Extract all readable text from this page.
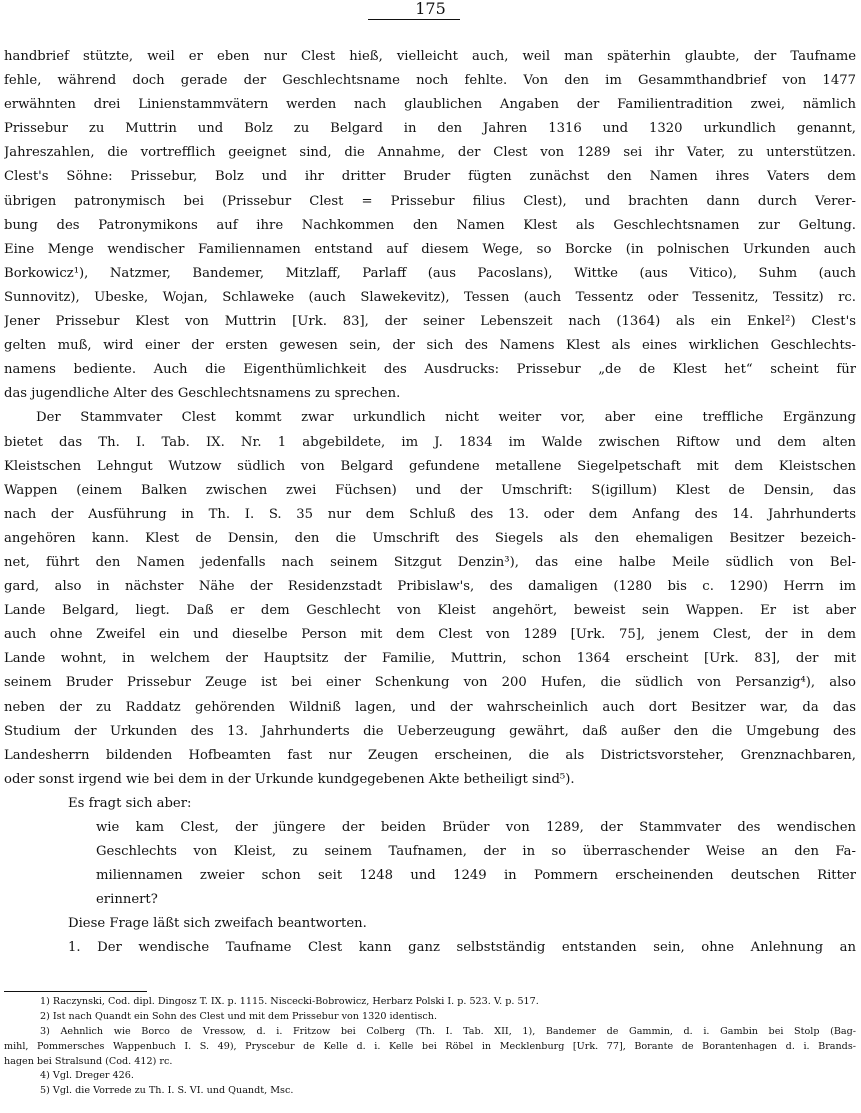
175
handbrief stützte, weil er eben nur Clest hieß, vielleicht auch, weil man späterhin glaubte, der Taufname
fehle, während doch gerade der Geschlechtsname noch fehlte. Von den im Gesammthandbrief von 1477
erwähnten drei Linienstammvätern werden nach glaublichen Angaben der Familientradition zwei, nämlich
Prissebur zu Muttrin und Bolz zu Belgard in den Jahren 1316 und 1320 urkundlich genannt,
Jahreszahlen, die vortrefflich geeignet sind, die Annahme, der Clest von 1289 sei ihr Vater, zu unterstützen.
Clest's Söhne: Prissebur, Bolz und ihr dritter Bruder fügten zunächst den Namen ihres Vaters dem
übrigen patronymisch bei (Prissebur Clest = Prissebur filius Clest), und brachten dann durch Verer-
bung des Patronymikons auf ihre Nachkommen den Namen Klest als Geschlechtsnamen zur Geltung.
Eine Menge wendischer Familiennamen entstand auf diesem Wege, so Borcke (in polnischen Urkunden auch
Borkowicz¹), Natzmer, Bandemer, Mitzlaff, Parlaff (aus Pacoslans), Wittke (aus Vitico), Suhm (auch
Sunnovitz), Ubeske, Wojan, Schlaweke (auch Slawekevitz), Tessen (auch Tessentz oder Tessenitz, Tessitz) rc.
Jener Prissebur Klest von Muttrin [Urk. 83], der seiner Lebenszeit nach (1364) als ein Enkel²) Clest's
gelten muß, wird einer der ersten gewesen sein, der sich des Namens Klest als eines wirklichen Geschlechts-
namens bediente. Auch die Eigenthümlichkeit des Ausdrucks: Prissebur „de de Klest het“ scheint für
das jugendliche Alter des Geschlechtsnamens zu sprechen.
Der Stammvater Clest kommt zwar urkundlich nicht weiter vor, aber eine treffliche Ergänzung
bietet das Th. I. Tab. IX. Nr. 1 abgebildete, im J. 1834 im Walde zwischen Riftow und dem alten
Kleistschen Lehngut Wutzow südlich von Belgard gefundene metallene Siegelpetschaft mit dem Kleistschen
Wappen (einem Balken zwischen zwei Füchsen) und der Umschrift: S(igillum) Klest de Densin, das
nach der Ausführung in Th. I. S. 35 nur dem Schluß des 13. oder dem Anfang des 14. Jahrhunderts
angehören kann. Klest de Densin, den die Umschrift des Siegels als den ehemaligen Besitzer bezeich-
net, führt den Namen jedenfalls nach seinem Sitzgut Denzin³), das eine halbe Meile südlich von Bel-
gard, also in nächster Nähe der Residenzstadt Pribislaw's, des damaligen (1280 bis c. 1290) Herrn im
Lande Belgard, liegt. Daß er dem Geschlecht von Kleist angehört, beweist sein Wappen. Er ist aber
auch ohne Zweifel ein und dieselbe Person mit dem Clest von 1289 [Urk. 75], jenem Clest, der in dem
Lande wohnt, in welchem der Hauptsitz der Familie, Muttrin, schon 1364 erscheint [Urk. 83], der mit
seinem Bruder Prissebur Zeuge ist bei einer Schenkung von 200 Hufen, die südlich von Persanzig⁴), also
neben der zu Raddatz gehörenden Wildniß lagen, und der wahrscheinlich auch dort Besitzer war, da das
Studium der Urkunden des 13. Jahrhunderts die Ueberzeugung gewährt, daß außer den die Umgebung des
Landesherrn bildenden Hofbeamten fast nur Zeugen erscheinen, die als Districtsvorsteher, Grenznachbaren,
oder sonst irgend wie bei dem in der Urkunde kundgegebenen Akte betheiligt sind⁵).
Es fragt sich aber:
wie kam Clest, der jüngere der beiden Brüder von 1289, der Stammvater des wendischen
Geschlechts von Kleist, zu seinem Taufnamen, der in so überraschender Weise an den Fa-
miliennamen zweier schon seit 1248 und 1249 in Pommern erscheinenden deutschen Ritter
erinnert?
Diese Frage läßt sich zweifach beantworten.
1. Der wendische Taufname Clest kann ganz selbstständig entstanden sein, ohne Anlehnung an
1) Raczynski, Cod. dipl. Dingosz T. IX. p. 1115. Niscecki-Bobrowicz, Herbarz Polski I. p. 523. V. p. 517.
2) Ist nach Quandt ein Sohn des Clest und mit dem Prissebur von 1320 identisch.
3) Aehnlich wie Borco de Vressow, d. i. Fritzow bei Colberg (Th. I. Tab. XII, 1), Bandemer de Gammin, d. i. Gambin bei Stolp (Bag-
mihl, Pommersches Wappenbuch I. S. 49), Pryscebur de Kelle d. i. Kelle bei Röbel in Mecklenburg [Urk. 77], Borante de Borantenhagen d. i. Brands-
hagen bei Stralsund (Cod. 412) rc.
4) Vgl. Dreger 426.
5) Vgl. die Vorrede zu Th. I. S. VI. und Quandt, Msc.
